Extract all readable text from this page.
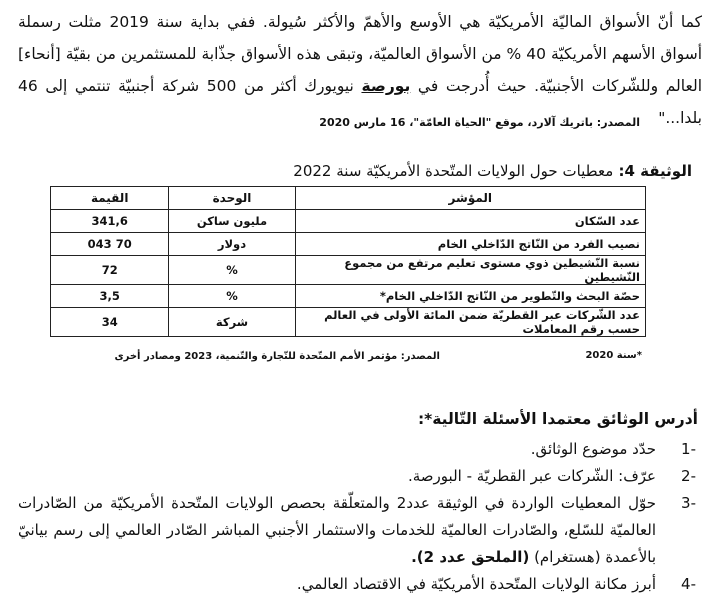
كما أنّ الأسواق الماليّة الأمريكيّة هي الأوسع والأهمّ والأكثر سُيولة. ففي بداية سنة 2019 مثلت رسملة أسواق الأسهم الأمريكيّة 40 % من الأسواق العالميّة، وتبقى هذه الأسواق جذّابة للمستثمرين من بقيّة [أنحاء] العالم وللشّركات الأجنبيّة. حيث أُدرجت في بورصة نيويورك أكثر من 500 شركة أجنبيّة تنتمي إلى 46 بلدا..."

المصدر: باتريك آلارد، موقع "الحياة العامّة"، 16 مارس 2020
الوثيقة 4: معطيات حول الولايات المتّحدة الأمريكيّة سنة 2022
المؤشر	الوحدة	القيمة
عدد السّكان	مليون ساكن	341,6
نصيب الفرد من النّاتج الدّاخلي الخام	دولار	70 043
نسبة النّشيطين ذوي مستوى تعليم مرتفع من مجموع النّشيطين	%	72
حصّة البحث والتّطوير من النّاتج الدّاخلي الخام*	%	3,5
عدد الشّركات عبر القطريّة ضمن المائة الأولى في العالم حسب رقم المعاملات	شركة	34
المصدر: مؤتمر الأمم المتّحدة للتّجارة والتّنمية، 2023 ومصادر أخرى	*سنة 2020
أدرس الوثائق معتمدا الأسئلة التّالية*:
-1
حدّد موضوع الوثائق.
-2
عرّف: الشّركات عبر القطريّة - البورصة.
-3
حوّل المعطيات الواردة في الوثيقة عدد2 والمتعلّقة بحصص الولايات المتّحدة الأمريكيّة من الصّادرات العالميّة للسّلع، والصّادرات العالميّة للخدمات والاستثمار الأجنبي المباشر الصّادر العالمي إلى رسم بيانيّ بالأعمدة (هستغرام) (الملحق عدد 2).
-4
أبرز مكانة الولايات المتّحدة الأمريكيّة في الاقتصاد العالمي.
